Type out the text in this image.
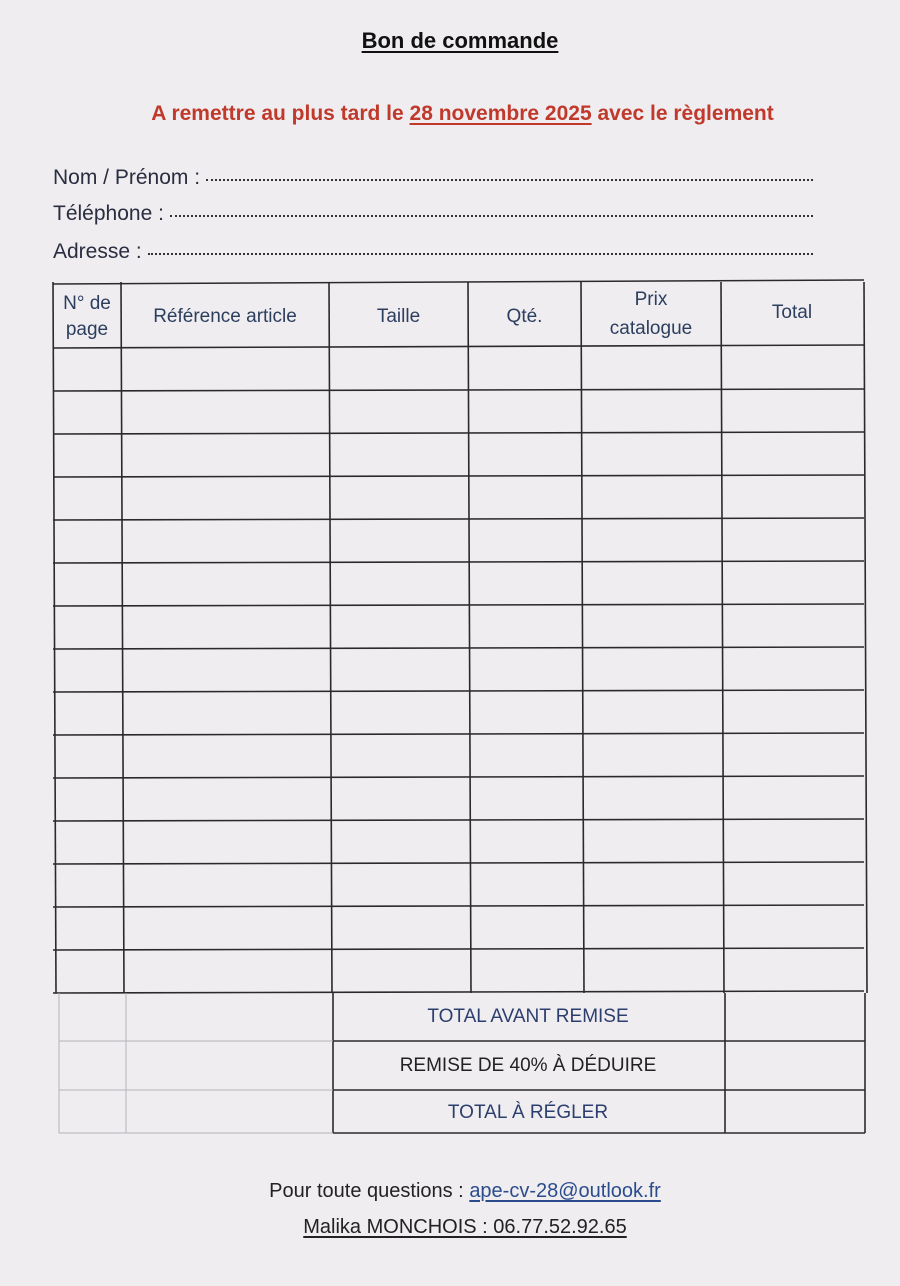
Bon de commande
A remettre au plus tard le 28 novembre 2025 avec le règlement
Nom / Prénom :
Téléphone :
Adresse :
N° de
page
Référence article	Taille	Qté.
Prix
catalogue
Total
TOTAL AVANT REMISE
REMISE DE 40% À DÉDUIRE
TOTAL À RÉGLER
Pour toute questions : ape-cv-28@outlook.fr
Malika MONCHOIS : 06.77.52.92.65
